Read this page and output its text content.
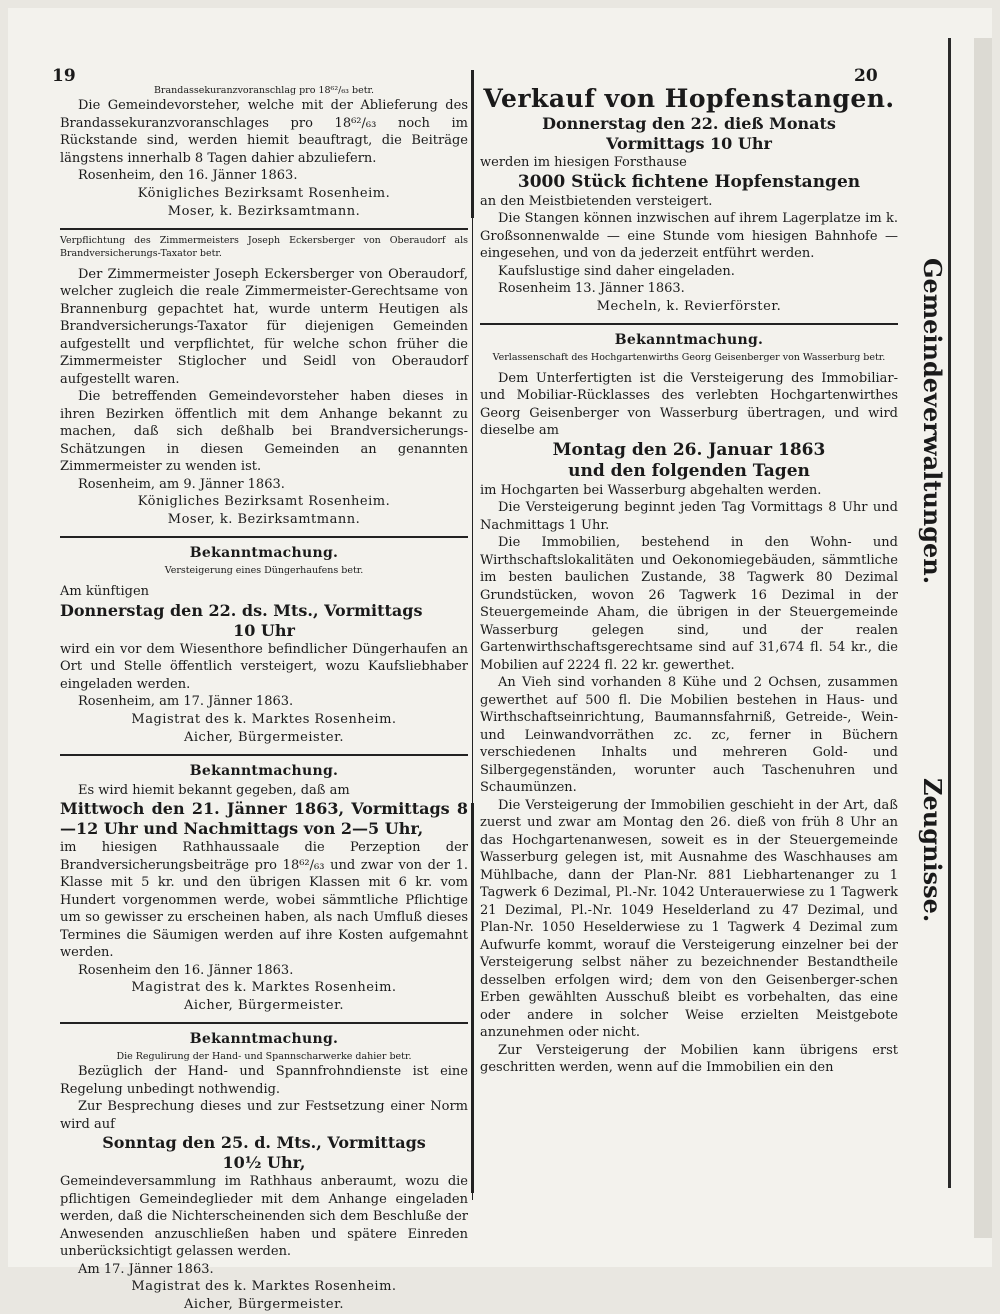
19	20

Brandassekuranzvoranschlag pro 18⁶²/₆₃ betr.

Die Gemeindevorsteher, welche mit der Ablieferung des Brandassekuranzvoranschlages pro 18⁶²/₆₃ noch im Rückstande sind, werden hiemit beauftragt, die Beiträge längstens innerhalb 8 Tagen dahier abzuliefern.

Rosenheim, den 16. Jänner 1863.

Königliches Bezirksamt Rosenheim.

Moser, k. Bezirksamtmann.

Verpflichtung des Zimmermeisters Joseph Eckersberger von Oberaudorf als Brandversicherungs-Taxator betr.

Der Zimmermeister Joseph Eckersberger von Oberaudorf, welcher zugleich die reale Zimmermeister-Gerechtsame von Brannenburg gepachtet hat, wurde unterm Heutigen als Brandversicherungs-Taxator für diejenigen Gemeinden aufgestellt und verpflichtet, für welche schon früher die Zimmermeister Stiglocher und Seidl von Oberaudorf aufgestellt waren.

Die betreffenden Gemeindevorsteher haben dieses in ihren Bezirken öffentlich mit dem Anhange bekannt zu machen, daß sich deßhalb bei Brandversicherungs-Schätzungen in diesen Gemeinden an genannten Zimmermeister zu wenden ist.

Rosenheim, am 9. Jänner 1863.

Königliches Bezirksamt Rosenheim.

Moser, k. Bezirksamtmann.

Bekanntmachung.

Versteigerung eines Düngerhaufens betr.

Am künftigen

Donnerstag den 22. ds. Mts., Vormittags

10 Uhr

wird ein vor dem Wiesenthore befindlicher Düngerhaufen an Ort und Stelle öffentlich versteigert, wozu Kaufsliebhaber eingeladen werden.

Rosenheim, am 17. Jänner 1863.

Magistrat des k. Marktes Rosenheim.

Aicher, Bürgermeister.

Bekanntmachung.

Es wird hiemit bekannt gegeben, daß am

Mittwoch den 21. Jänner 1863, Vormittags 8—12 Uhr und Nachmittags von 2—5 Uhr,

im hiesigen Rathhaussaale die Perzeption der Brandversicherungsbeiträge pro 18⁶²/₆₃ und zwar von der 1. Klasse mit 5 kr. und den übrigen Klassen mit 6 kr. vom Hundert vorgenommen werde, wobei sämmtliche Pflichtige um so gewisser zu erscheinen haben, als nach Umfluß dieses Termines die Säumigen werden auf ihre Kosten aufgemahnt werden.

Rosenheim den 16. Jänner 1863.

Magistrat des k. Marktes Rosenheim.

Aicher, Bürgermeister.

Bekanntmachung.

Die Regulirung der Hand- und Spannscharwerke dahier betr.

Bezüglich der Hand- und Spannfrohndienste ist eine Regelung unbedingt nothwendig.

Zur Besprechung dieses und zur Festsetzung einer Norm wird auf

Sonntag den 25. d. Mts., Vormittags

10½ Uhr,

Gemeindeversammlung im Rathhaus anberaumt, wozu die pflichtigen Gemeindeglieder mit dem Anhange eingeladen werden, daß die Nichterscheinenden sich dem Beschluße der Anwesenden anzuschließen haben und spätere Einreden unberücksichtigt gelassen werden.

Am 17. Jänner 1863.

Magistrat des k. Marktes Rosenheim.

Aicher, Bürgermeister.

Verkauf von Hopfenstangen.

Donnerstag den 22. dieß Monats

Vormittags 10 Uhr

werden im hiesigen Forsthause

3000 Stück fichtene Hopfenstangen

an den Meistbietenden versteigert.

Die Stangen können inzwischen auf ihrem Lagerplatze im k. Großsonnenwalde — eine Stunde vom hiesigen Bahnhofe — eingesehen, und von da jederzeit entführt werden.

Kaufslustige sind daher eingeladen.

Rosenheim 13. Jänner 1863.

Mecheln, k. Revierförster.

Bekanntmachung.

Verlassenschaft des Hochgartenwirths Georg Geisenberger von Wasserburg betr.

Dem Unterfertigten ist die Versteigerung des Immobiliar- und Mobiliar-Rücklasses des verlebten Hochgartenwirthes Georg Geisenberger von Wasserburg übertragen, und wird dieselbe am

Montag den 26. Januar 1863

und den folgenden Tagen

im Hochgarten bei Wasserburg abgehalten werden.

Die Versteigerung beginnt jeden Tag Vormittags 8 Uhr und Nachmittags 1 Uhr.

Die Immobilien, bestehend in den Wohn- und Wirthschaftslokalitäten und Oekonomiegebäuden, sämmtliche im besten baulichen Zustande, 38 Tagwerk 80 Dezimal Grundstücken, wovon 26 Tagwerk 16 Dezimal in der Steuergemeinde Aham, die übrigen in der Steuergemeinde Wasserburg gelegen sind, und der realen Gartenwirthschaftsgerechtsame sind auf 31,674 fl. 54 kr., die Mobilien auf 2224 fl. 22 kr. gewerthet.

An Vieh sind vorhanden 8 Kühe und 2 Ochsen, zusammen gewerthet auf 500 fl. Die Mobilien bestehen in Haus- und Wirthschaftseinrichtung, Baumannsfahrniß, Getreide-, Wein- und Leinwandvorräthen zc. zc, ferner in Büchern verschiedenen Inhalts und mehreren Gold- und Silbergegenständen, worunter auch Taschenuhren und Schaumünzen.

Die Versteigerung der Immobilien geschieht in der Art, daß zuerst und zwar am Montag den 26. dieß von früh 8 Uhr an das Hochgartenanwesen, soweit es in der Steuergemeinde Wasserburg gelegen ist, mit Ausnahme des Waschhauses am Mühlbache, dann der Plan-Nr. 881 Liebhartenanger zu 1 Tagwerk 6 Dezimal, Pl.-Nr. 1042 Unterauerwiese zu 1 Tagwerk 21 Dezimal, Pl.-Nr. 1049 Heselderland zu 47 Dezimal, und Plan-Nr. 1050 Heselderwiese zu 1 Tagwerk 4 Dezimal zum Aufwurfe kommt, worauf die Versteigerung einzelner bei der Versteigerung selbst näher zu bezeichnender Bestandtheile desselben erfolgen wird; dem von den Geisenberger-schen Erben gewählten Ausschuß bleibt es vorbehalten, das eine oder andere in solcher Weise erzielten Meistgebote anzunehmen oder nicht.

Zur Versteigerung der Mobilien kann übrigens erst geschritten werden, wenn auf die Immobilien ein den

Gemeindeverwaltungen.
Zeugnisse.
